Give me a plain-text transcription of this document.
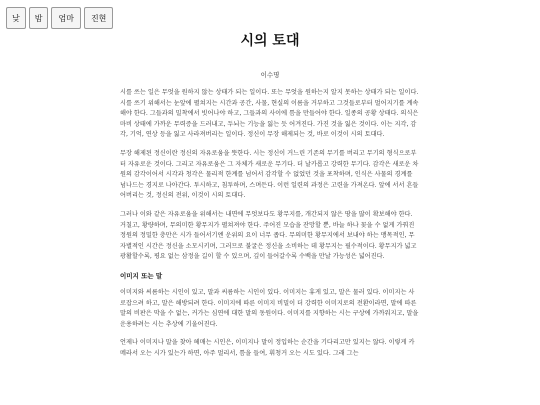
낮	밤	엄마	진현
시의 토대
이수명

시를 쓰는 일은 무엇을 원하지 않는 상태가 되는 일이다. 또는 무엇을 원하는지 알지 못하는 상태가 되는 일이다. 시를 쓰기 위해서는 눈앞에 펼쳐지는 시간과 공간, 사물, 현실의 이름을 거부하고 그것들로부터 멀어지기를 계속해야 한다. 그들과의 밀착에서 빗어나야 하고, 그들과의 사이에 틈을 만들어야 한다. 일종의 공황 상태다. 의식은 마비 상태에 가까운 무력증을 드러내고, 두뇌는 기능을 잃는 듯 어겨진다. 가진 것을 잃은 것이다. 이는 지각, 감각, 기억, 연상 등을 잃고 사라져버리는 일이다. 정신이 무장 해제되는 것, 바로 이것이 시의 토대다.

무장 해제된 정신이란 정신의 자유로움을 뜻한다. 시는 정신이 거느린 기존의 무기를 버리고 무기의 형식으로부터 자유로운 것이다. 그리고 자유로움은 그 자체가 새로운 무기다. 더 날카롭고 강력한 무기다. 감각은 새로운 차원의 감각이어서 시각과 청각은 물리적 한계를 넘어서 감각할 수 없었던 것을 포착하며, 인식은 사물의 경계를 넘나드는 경지로 나아간다. 투시하고, 침투하며, 스며든다. 이런 일련의 과정은 고련을 가져온다. 앞에 서서 흔들어버리는 것, 정신의 전위, 이것이 시의 토대다.

그러나 이와 같은 자유로움을 위해서는 내면에 무엇보다도 황무지를, 개간되지 않은 땅을 많이 확보해야 한다. 거칠고, 황량하며, 무의미한 황무지가 펼쳐져야 한다. 주어진 모습을 잔망할 뿐, 바늘 하나 꽂을 수 없게 가꿔진 정원의 정밀한 충만은 시가 들어서기엔 운위의 요이 너무 좁다. 무의미한 황무지에서 보내야 하는 맹목적인, 무자별적인 시간은 정신을 소모시키며, 그러므로 불굴은 정신을 소비하는 데 황무지는 필수적이다. 황무지가 넓고 광활할수록, 평요 없는 삼정을 길이 할 수 있으며, 깊이 들어갈수록 수백을 만날 가능성은 넓어진다.

이미지 또는 말

이미지와 씨름하는 시인이 있고, 말과 씨름하는 시인이 있다. 이미지는 휴게 있고, 말은 물러 있다. 이미지는 사로잡으려 하고, 말은 해방되려 한다. 이미지에 따른 이미지 비밀이 더 강력한 이미지로의 전환이라면, 말에 따른 말의 비판은 막을 수 없는, 커가는 심연에 대한 말의 동원이다. 이미지를 지향하는 시는 구상에 가까워지고, 말을 운용하려는 시는 추상에 기울어진다.

언제나 이미지나 말을 찾아 헤매는 시인은, 이미지나 말이 정입하는 순간을 기다리고만 있지는 않다. 이렇게 카메라서 오는 시가 있는가 하면, 아주 멀리서, 틈을 들여, 휘청거 오는 시도 있다. 그래 그는
